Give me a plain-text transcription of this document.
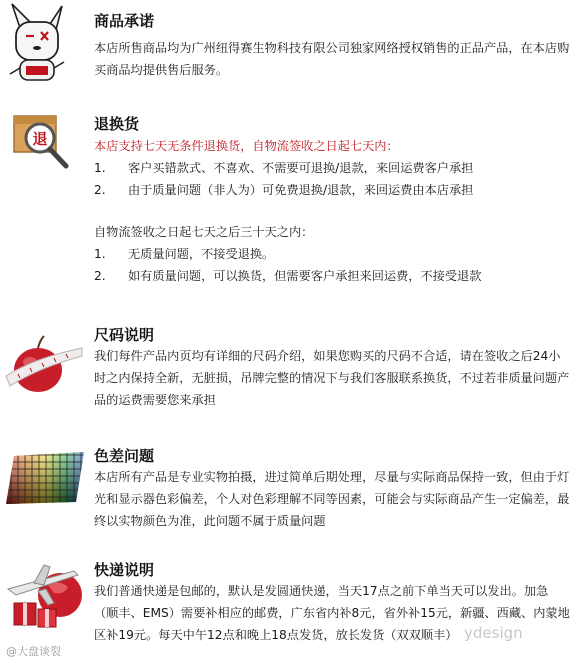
商品承诺
本店所售商品均为广州纽得赛生物科技有限公司独家网络授权销售的正品产品，在本店购买商品均提供售后服务。
退
退换货
本店支持七天无条件退换货，自物流签收之日起七天内：
1. 客户买错款式、不喜欢、不需要可退换/退款，来回运费客户承担
2. 由于质量问题（非人为）可免费退换/退款，来回运费由本店承担
自物流签收之日起七天之后三十天之内：
1. 无质量问题，不接受退换。
2. 如有质量问题，可以换货，但需要客户承担来回运费，不接受退款
尺码说明
我们每件产品内页均有详细的尺码介绍，如果您购买的尺码不合适，请在签收之后24小时之内保持全新，无脏损，吊牌完整的情况下与我们客服联系换货，不过若非质量问题产品的运费需要您来承担
色差问题
本店所有产品是专业实物拍摄，进过简单后期处理，尽量与实际商品保持一致，但由于灯光和显示器色彩偏差，个人对色彩理解不同等因素，可能会与实际商品产生一定偏差，最终以实物颜色为准，此问题不属于质量问题
快递说明
我们普通快递是包邮的，默认是发圆通快递，当天17点之前下单当天可以发出。加急（顺丰、EMS）需要补相应的邮费，广东省内补8元，省外补15元，新疆、西藏、内蒙地区补19元。每天中午12点和晚上18点发货，放长发货（双双顺丰）
@大盘谈裂
ydesign
